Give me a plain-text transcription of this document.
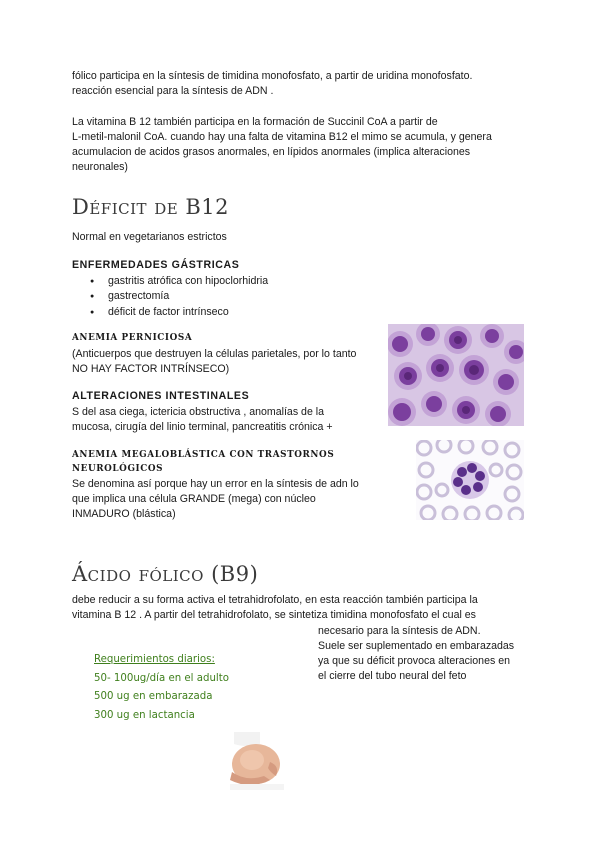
fólico participa en la síntesis de timidina monofosfato, a partir de uridina monofosfato.

reacción esencial para la síntesis de ADN .

La vitamina B 12 también participa en la formación de Succinil CoA a partir de

L-metil-malonil CoA. cuando hay una falta de vitamina B12 el mimo se acumula, y genera

acumulacion de acidos grasos anormales, en lípidos anormales (implica alteraciones

neuronales)

Déficit de B12

Normal en vegetarianos estrictos

ENFERMEDADES GÁSTRICAS
● gastritis atrófica con hipoclorhidria
● gastrectomía
● déficit de factor intrínseco
ANEMIA PERNICIOSA

(Anticuerpos que destruyen la células parietales, por lo tanto

NO HAY FACTOR INTRÍNSECO)

ALTERACIONES INTESTINALES

S del asa ciega, ictericia obstructiva , anomalías de la

mucosa, cirugía del linio terminal, pancreatitis crónica +

ANEMIA MEGALOBLÁSTICA CON TRASTORNOS
NEUROLÓGICOS

Se denomina así porque hay un error en la síntesis de adn lo

que implica una célula GRANDE (mega) con núcleo

INMADURO (blástica)

Ácido fólico (B9)

debe reducir a su forma activa el tetrahidrofolato, en esta reacción también participa la

vitamina B 12 . A partir del tetrahidrofolato, se sintetiza timidina monofosfato el cual es

necesario para la síntesis de ADN.

Suele ser suplementado en embarazadas

ya que su déficit provoca alteraciones en

el cierre del tubo neural del feto

Requerimientos diarios:
50- 100ug/día en el adulto
500 ug en embarazada
300 ug en lactancia
